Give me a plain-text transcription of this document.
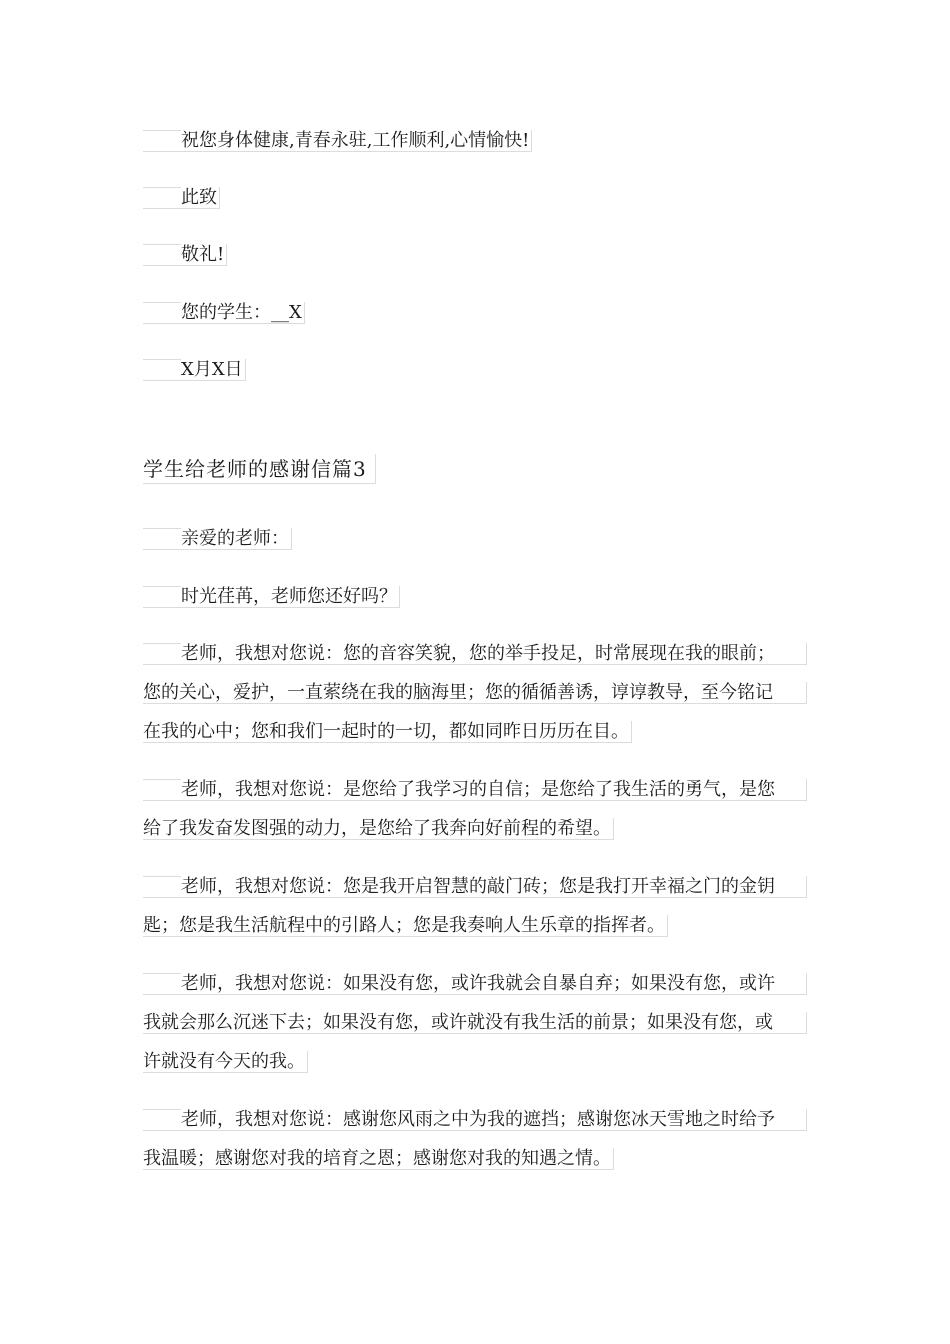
祝您身体健康,青春永驻,工作顺利,心情愉快!
此致
敬礼!
您的学生：__X
X月X日
学生给老师的感谢信篇3
亲爱的老师：
时光荏苒，老师您还好吗？
老师，我想对您说：您的音容笑貌，您的举手投足，时常展现在我的眼前；
您的关心，爱护，一直萦绕在我的脑海里；您的循循善诱，谆谆教导，至今铭记
在我的心中；您和我们一起时的一切，都如同昨日历历在目。
老师，我想对您说：是您给了我学习的自信；是您给了我生活的勇气，是您
给了我发奋发图强的动力，是您给了我奔向好前程的希望。
老师，我想对您说：您是我开启智慧的敲门砖；您是我打开幸福之门的金钥
匙；您是我生活航程中的引路人；您是我奏响人生乐章的指挥者。
老师，我想对您说：如果没有您，或许我就会自暴自弃；如果没有您，或许
我就会那么沉迷下去；如果没有您，或许就没有我生活的前景；如果没有您，或
许就没有今天的我。
老师，我想对您说：感谢您风雨之中为我的遮挡；感谢您冰天雪地之时给予
我温暖；感谢您对我的培育之恩；感谢您对我的知遇之情。
